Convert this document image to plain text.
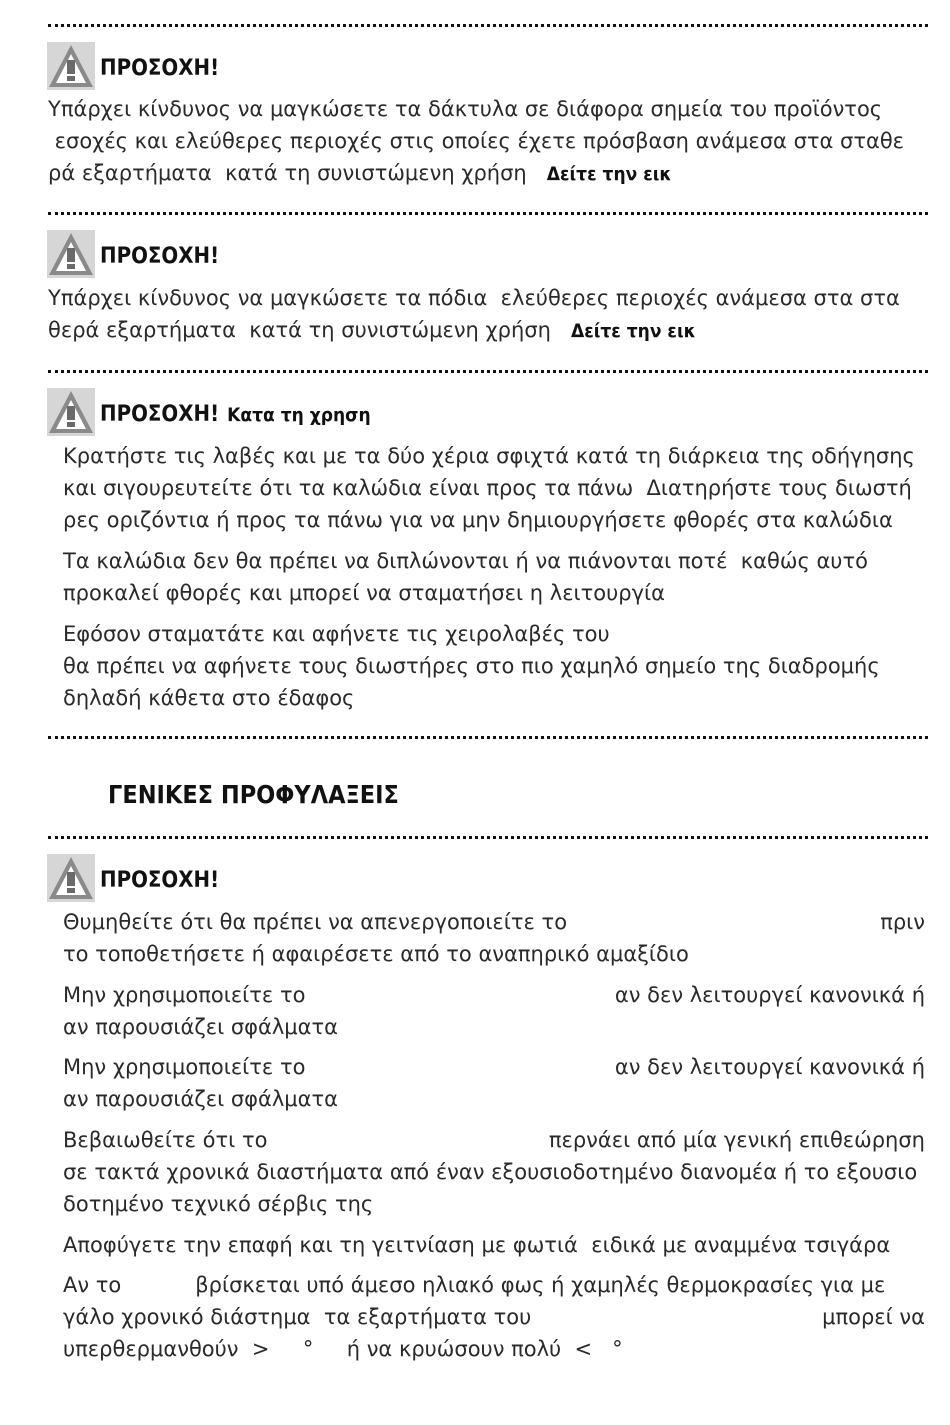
ΠΡΟΣΟΧΗ!
Υπάρχει κίνδυνος να μαγκώσετε τα δάκτυλα σε διάφορα σημεία του προϊόντος
εσοχές και ελεύθερες περιοχές στις οποίες έχετε πρόσβαση ανάμεσα στα σταθε
ρά εξαρτήματα  κατά τη συνιστώμενη χρήση   Δείτε την εικ
ΠΡΟΣΟΧΗ!
Υπάρχει κίνδυνος να μαγκώσετε τα πόδια  ελεύθερες περιοχές ανάμεσα στα στα
θερά εξαρτήματα  κατά τη συνιστώμενη χρήση   Δείτε την εικ
ΠΡΟΣΟΧΗ! Κατα τη χρηση
Κρατήστε τις λαβές και με τα δύο χέρια σφιχτά κατά τη διάρκεια της οδήγησης
και σιγουρευτείτε ότι τα καλώδια είναι προς τα πάνω  Διατηρήστε τους διωστή
ρες οριζόντια ή προς τα πάνω για να μην δημιουργήσετε φθορές στα καλώδια
Τα καλώδια δεν θα πρέπει να διπλώνονται ή να πιάνονται ποτέ  καθώς αυτό
προκαλεί φθορές και μπορεί να σταματήσει η λειτουργία
Εφόσον σταματάτε και αφήνετε τις χειρολαβές του
θα πρέπει να αφήνετε τους διωστήρες στο πιο χαμηλό σημείο της διαδρομής
δηλαδή κάθετα στο έδαφος
ΓΕΝΙΚΕΣ ΠΡΟΦΥΛΑΞΕΙΣ
ΠΡΟΣΟΧΗ!
Θυμηθείτε ότι θα πρέπει να απενεργοποιείτε το	πριν
το τοποθετήσετε ή αφαιρέσετε από το αναπηρικό αμαξίδιο
Μην χρησιμοποιείτε το	αν δεν λειτουργεί κανονικά ή
αν παρουσιάζει σφάλματα
Μην χρησιμοποιείτε το	αν δεν λειτουργεί κανονικά ή
αν παρουσιάζει σφάλματα
Βεβαιωθείτε ότι το	περνάει από μία γενική επιθεώρηση
σε τακτά χρονικά διαστήματα από έναν εξουσιοδοτημένο διανομέα ή το εξουσιο
δοτημένο τεχνικό σέρβις της
Αποφύγετε την επαφή και τη γειτνίαση με φωτιά  ειδικά με αναμμένα τσιγάρα
Αν το	βρίσκεται υπό άμεσο ηλιακό φως ή χαμηλές θερμοκρασίες για με
γάλο χρονικό διάστημα  τα εξαρτήματα του	μπορεί να
υπερθερμανθούν  >     °     ή να κρυώσουν πολύ  <   °
